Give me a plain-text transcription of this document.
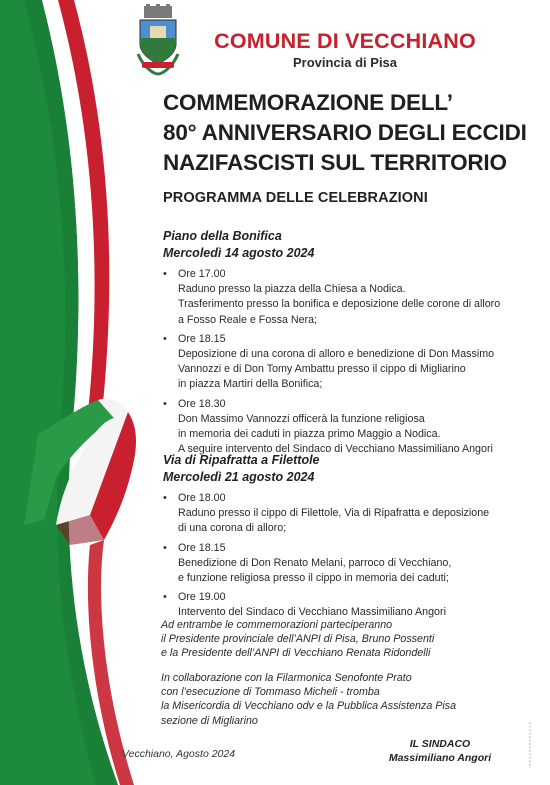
COMUNE DI VECCHIANO
Provincia di Pisa
COMMEMORAZIONE DELL’
80° ANNIVERSARIO DEGLI ECCIDI
NAZIFASCISTI SUL TERRITORIO
PROGRAMMA DELLE CELEBRAZIONI
Piano della Bonifica
Mercoledì 14 agosto 2024
• Ore 17.00
Raduno presso la piazza della Chiesa a Nodica.
Trasferimento presso la bonifica e deposizione delle corone di alloro
a Fosso Reale e Fossa Nera;
• Ore 18.15
Deposizione di una corona di alloro e benedizione di Don Massimo
Vannozzi e di Don Tomy Ambattu presso il cippo di Migliarino
in piazza Martiri della Bonifica;
• Ore 18.30
Don Massimo Vannozzi officerà la funzione religiosa
in memoria dei caduti in piazza primo Maggio a Nodica.
A seguire intervento del Sindaco di Vecchiano Massimiliano Angori
Via di Ripafratta a Filettole
Mercoledì 21 agosto 2024
• Ore 18.00
Raduno presso il cippo di Filettole, Via di Ripafratta e deposizione
di una corona di alloro;
• Ore 18.15
Benedizione di Don Renato Melani, parroco di Vecchiano,
e funzione religiosa presso il cippo in memoria dei caduti;
• Ore 19.00
Intervento del Sindaco di Vecchiano Massimiliano Angori
Ad entrambe le commemorazioni parteciperanno
il Presidente provinciale dell’ANPI di Pisa, Bruno Possenti
e la Presidente dell’ANPI di Vecchiano Renata Ridondelli
In collaborazione con la Filarmonica Senofonte Prato
con l’esecuzione di Tommaso Micheli - tromba
la Misericordia di Vecchiano odv e la Pubblica Assistenza Pisa
sezione di Migliarino
Vecchiano, Agosto 2024
IL SINDACO
Massimiliano Angori
